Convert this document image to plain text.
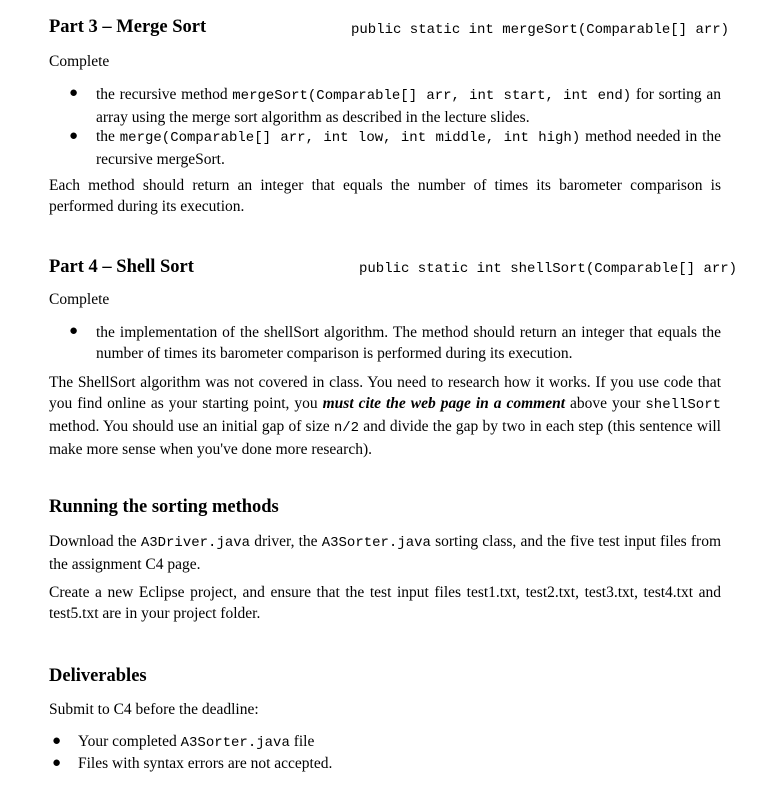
Part 3 – Merge Sort	public static int mergeSort(Comparable[] arr)
Complete
● the recursive method mergeSort(Comparable[] arr, int start, int end) for sorting an array using the merge sort algorithm as described in the lecture slides.
● the merge(Comparable[] arr, int low, int middle, int high) method needed in the recursive mergeSort.
Each method should return an integer that equals the number of times its barometer comparison is performed during its execution.
Part 4 – Shell Sort	public static int shellSort(Comparable[] arr)
Complete
● the implementation of the shellSort algorithm. The method should return an integer that equals the number of times its barometer comparison is performed during its execution.
The ShellSort algorithm was not covered in class. You need to research how it works. If you use code that you find online as your starting point, you must cite the web page in a comment above your shellSort method. You should use an initial gap of size n/2 and divide the gap by two in each step (this sentence will make more sense when you've done more research).
Running the sorting methods
Download the A3Driver.java driver, the A3Sorter.java sorting class, and the five test input files from the assignment C4 page.
Create a new Eclipse project, and ensure that the test input files test1.txt, test2.txt, test3.txt, test4.txt and test5.txt are in your project folder.
Deliverables
Submit to C4 before the deadline:
● Your completed A3Sorter.java file
● Files with syntax errors are not accepted.
